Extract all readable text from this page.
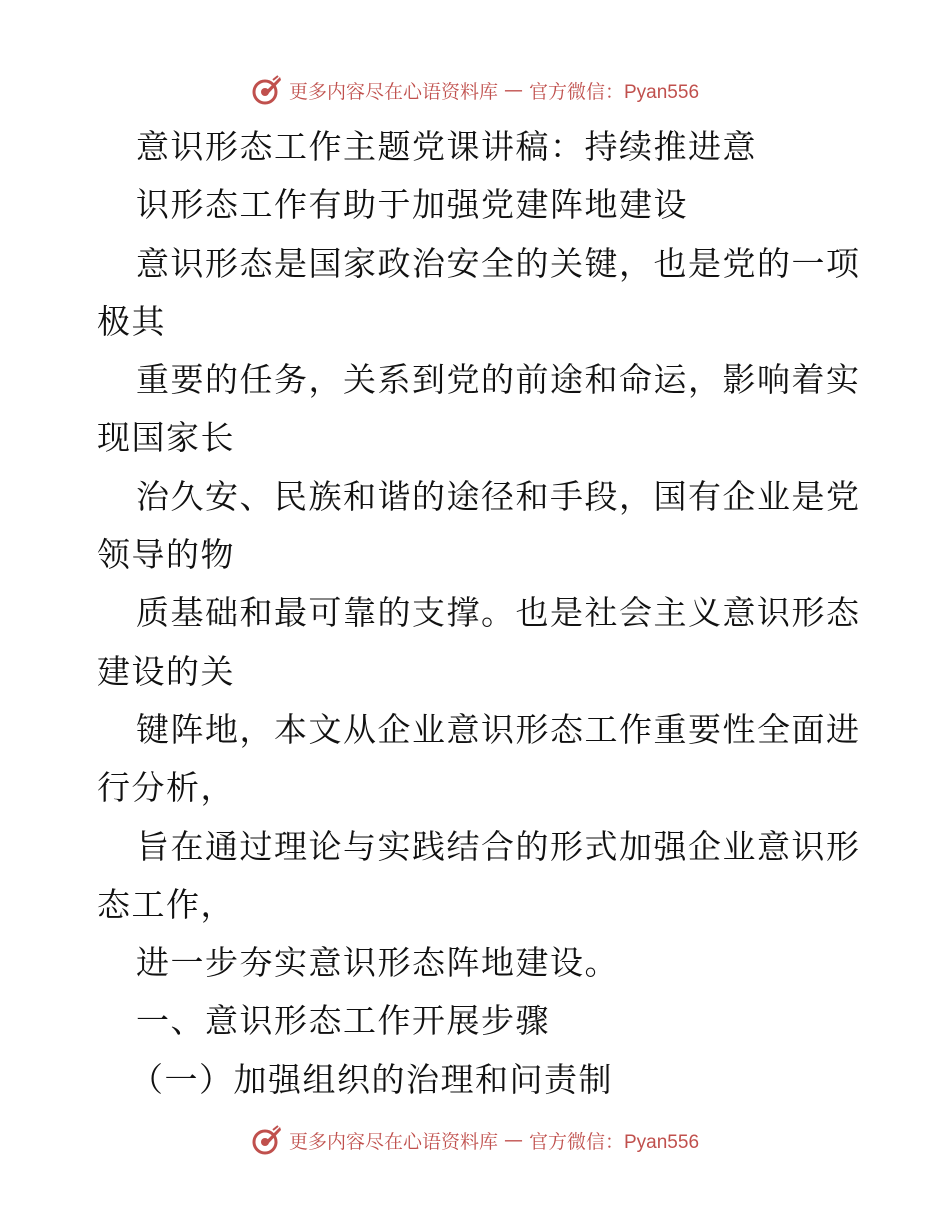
更多内容尽在心语资料库 — 官方微信：Pyan556
意识形态工作主题党课讲稿：持续推进意
识形态工作有助于加强党建阵地建设
意识形态是国家政治安全的关键，也是党的一项
极其
重要的任务，关系到党的前途和命运，影响着实
现国家长
治久安、民族和谐的途径和手段，国有企业是党
领导的物
质基础和最可靠的支撑。也是社会主义意识形态
建设的关
键阵地，本文从企业意识形态工作重要性全面进
行分析，
旨在通过理论与实践结合的形式加强企业意识形
态工作，
进一步夯实意识形态阵地建设。
一、意识形态工作开展步骤
（一）加强组织的治理和问责制
更多内容尽在心语资料库 — 官方微信：Pyan556
